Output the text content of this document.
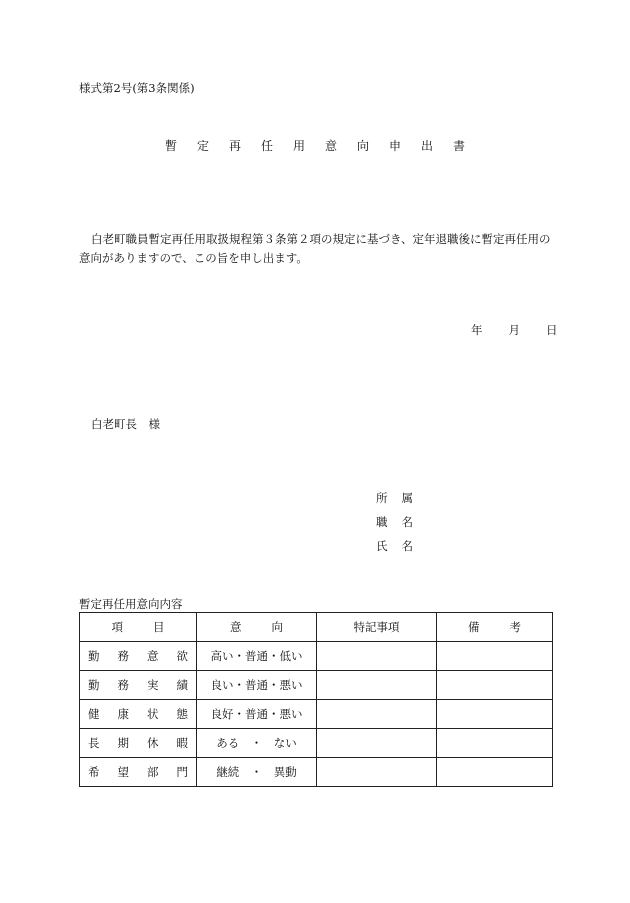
様式第2号(第3条関係)
暫定再任用意向申出書
白老町職員暫定再任用取扱規程第３条第２項の規定に基づき、定年退職後に暫定再任用の意向がありますので、この旨を申し出ます。
年 月 日
白老町長　様
所属
職名
氏名
暫定再任用意向内容
項目	意向	特記事項	備考

勤 務 意 欲	高い・普通・低い		

勤 務 実 績	良い・普通・悪い		

健 康 状 態	良好・普通・悪い		

長 期 休 暇	ある　・　ない		

希 望 部 門	継続　・　異動		
